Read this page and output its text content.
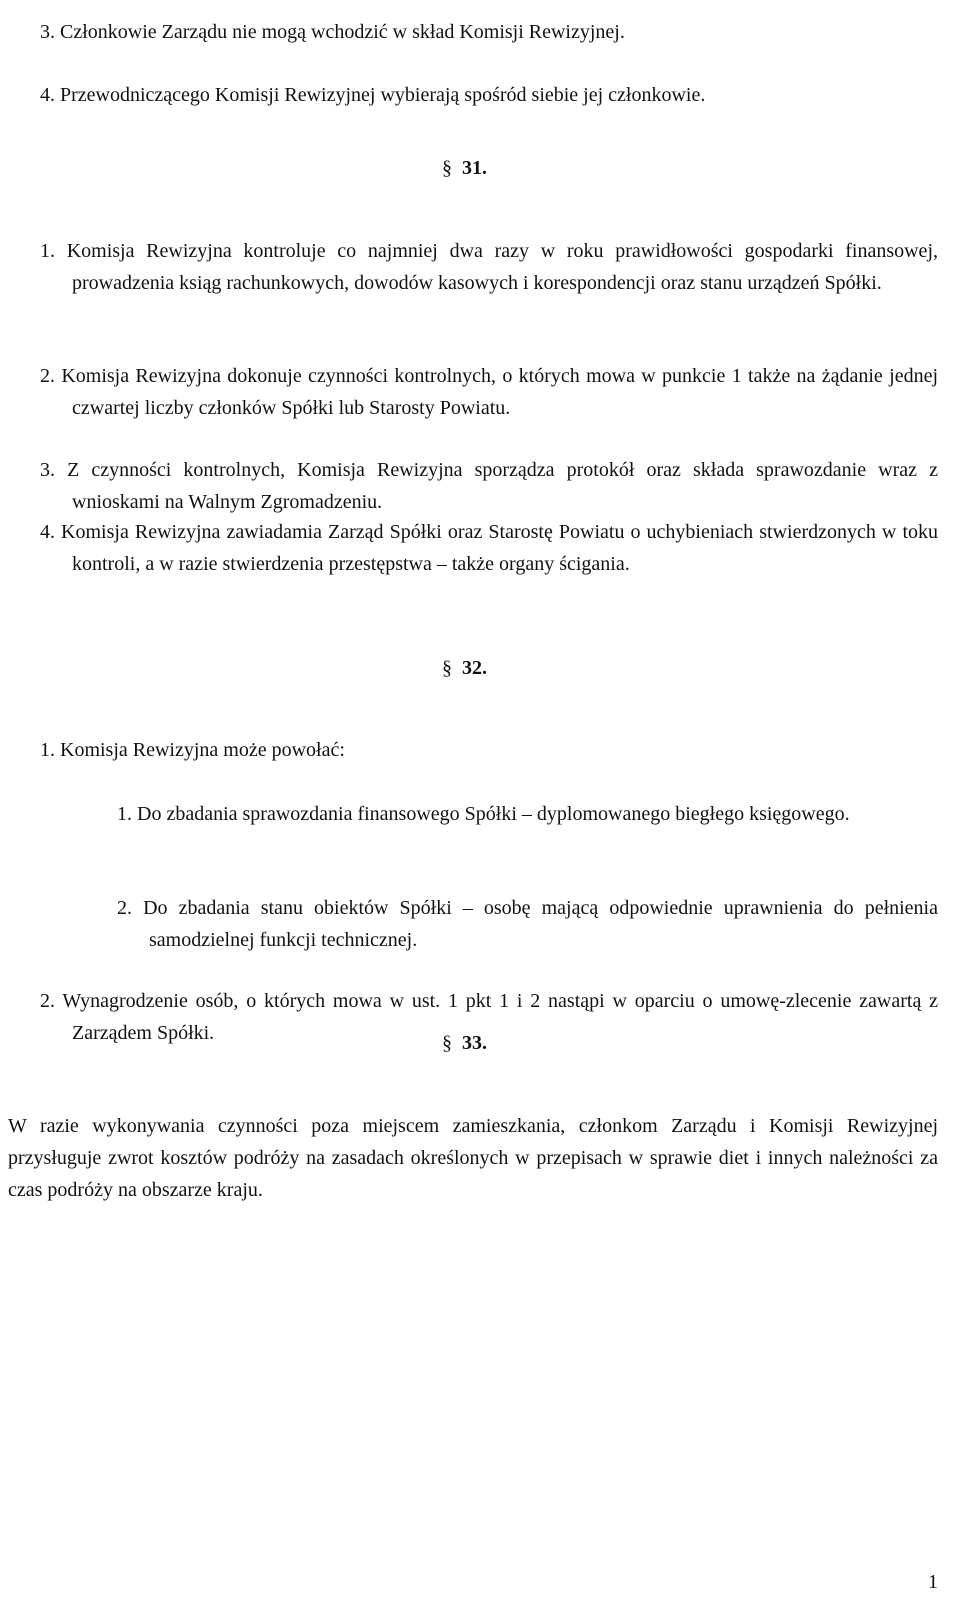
3. Członkowie Zarządu nie mogą wchodzić w skład Komisji Rewizyjnej.

4. Przewodniczącego Komisji Rewizyjnej wybierają spośród siebie jej członkowie.

§ 31.

1. Komisja Rewizyjna kontroluje co najmniej dwa razy w roku prawidłowości gospodarki finansowej, prowadzenia ksiąg rachunkowych, dowodów kasowych i korespondencji oraz stanu urządzeń Spółki.

2. Komisja Rewizyjna dokonuje czynności kontrolnych, o których mowa w punkcie 1 także na żądanie jednej czwartej liczby członków Spółki lub Starosty Powiatu.

3. Z czynności kontrolnych, Komisja Rewizyjna sporządza protokół oraz składa sprawozdanie wraz z wnioskami na Walnym Zgromadzeniu.

4. Komisja Rewizyjna zawiadamia Zarząd Spółki oraz Starostę Powiatu o uchybieniach stwierdzonych w toku kontroli, a w razie stwierdzenia przestępstwa – także organy ścigania.

§ 32.

1. Komisja Rewizyjna może powołać:

1. Do zbadania sprawozdania finansowego Spółki – dyplomowanego biegłego księgowego.

2. Do zbadania stanu obiektów Spółki – osobę mającą odpowiednie uprawnienia do pełnienia samodzielnej funkcji technicznej.

2. Wynagrodzenie osób, o których mowa w ust. 1 pkt 1 i 2 nastąpi w oparciu o umowę-zlecenie zawartą z Zarządem Spółki.	§ 33.

W razie wykonywania czynności poza miejscem zamieszkania, członkom Zarządu i Komisji Rewizyjnej przysługuje zwrot kosztów podróży na zasadach określonych w przepisach w sprawie diet i innych należności za czas podróży na obszarze kraju.

1
